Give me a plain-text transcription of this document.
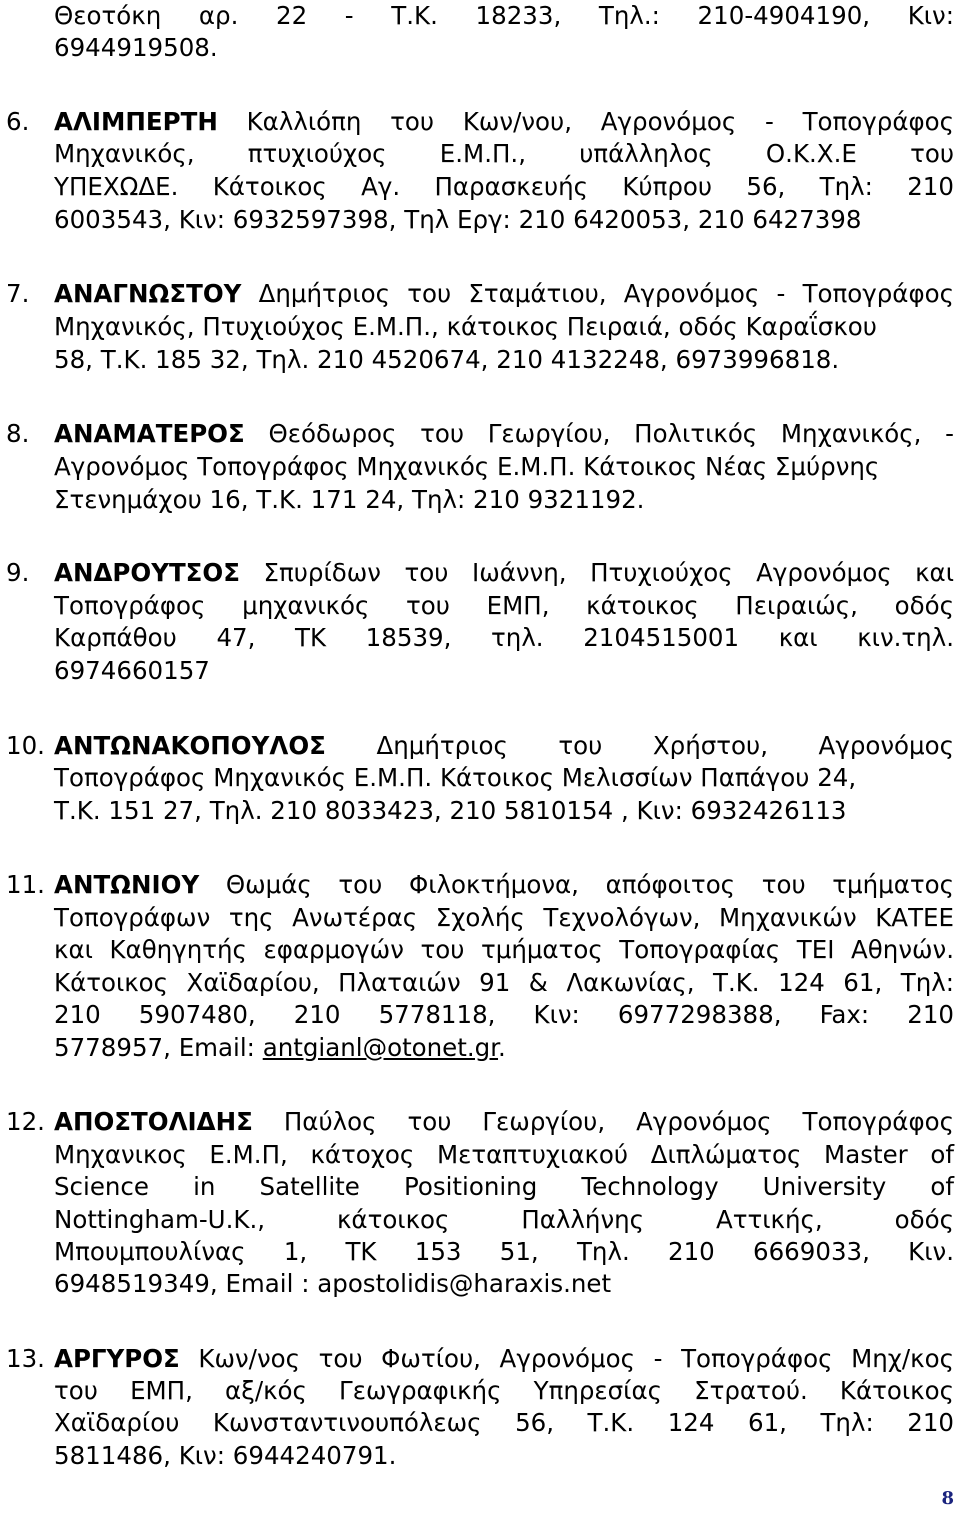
Θεοτόκη αρ. 22 - Τ.Κ. 18233, Τηλ.: 210-4904190, Κιν:
6944919508.
6. ΑΛΙΜΠΕΡΤΗ Καλλιόπη του Κων/νου, Αγρονόμος - Τοπογράφος
Μηχανικός, πτυχιούχος Ε.Μ.Π., υπάλληλος Ο.Κ.Χ.Ε του
ΥΠΕΧΩΔΕ. Κάτοικος Αγ. Παρασκευής Κύπρου 56, Τηλ: 210
6003543, Κιν: 6932597398, Τηλ Εργ: 210 6420053, 210 6427398
7. ΑΝΑΓΝΩΣΤΟΥ Δημήτριος του Σταμάτιου, Αγρονόμος - Τοπογράφος
Μηχανικός, Πτυχιούχος Ε.Μ.Π., κάτοικος Πειραιά, οδός Καραΐσκου
58, Τ.Κ. 185 32, Τηλ. 210 4520674, 210 4132248, 6973996818.
8. ΑΝΑΜΑΤΕΡΟΣ Θεόδωρος του Γεωργίου, Πολιτικός Μηχανικός, -
Αγρονόμος Τοπογράφος Μηχανικός Ε.Μ.Π. Κάτοικος Νέας Σμύρνης
Στενημάχου 16, Τ.Κ. 171 24, Τηλ: 210 9321192.
9. ΑΝΔΡΟΥΤΣΟΣ Σπυρίδων του Ιωάννη, Πτυχιούχος Αγρονόμος και
Τοπογράφος μηχανικός του ΕΜΠ, κάτοικος Πειραιώς, οδός
Καρπάθου 47, ΤΚ 18539, τηλ. 2104515001 και κιν.τηλ.
6974660157
10. ΑΝΤΩΝΑΚΟΠΟΥΛΟΣ Δημήτριος του Χρήστου, Αγρονόμος
Τοπογράφος Μηχανικός Ε.Μ.Π. Κάτοικος Μελισσίων Παπάγου 24,
Τ.Κ. 151 27, Τηλ. 210 8033423, 210 5810154 , Κιν: 6932426113
11. ΑΝΤΩΝΙΟΥ Θωμάς του Φιλοκτήμονα, απόφοιτος του τμήματος
Τοπογράφων της Ανωτέρας Σχολής Τεχνολόγων, Μηχανικών ΚΑΤΕΕ
και Καθηγητής εφαρμογών του τμήματος Τοπογραφίας ΤΕΙ Αθηνών.
Κάτοικος Χαϊδαρίου, Πλαταιών 91 & Λακωνίας, Τ.Κ. 124 61, Τηλ:
210 5907480, 210 5778118, Κιν: 6977298388, Fax: 210
5778957, Email: antgianl@otonet.gr.
12. ΑΠΟΣΤΟΛΙΔΗΣ Παύλος του Γεωργίου, Αγρονόμος Τοπογράφος
Μηχανικος Ε.Μ.Π, κάτοχος Μεταπτυχιακού Διπλώματος Master of
Science in Satellite Positioning Technology University of
Nottingham-U.K., κάτοικος Παλλήνης Αττικής, οδός
Μπουμπουλίνας 1, ΤΚ 153 51, Τηλ. 210 6669033, Κιν.
6948519349, Email : apostolidis@haraxis.net
13. ΑΡΓΥΡΟΣ Κων/νος του Φωτίου, Αγρονόμος - Τοπογράφος Μηχ/κος
του ΕΜΠ, αξ/κός Γεωγραφικής Υπηρεσίας Στρατού. Κάτοικος
Χαϊδαρίου Κωνσταντινουπόλεως 56, Τ.Κ. 124 61, Τηλ: 210
5811486, Κιν: 6944240791.
8
